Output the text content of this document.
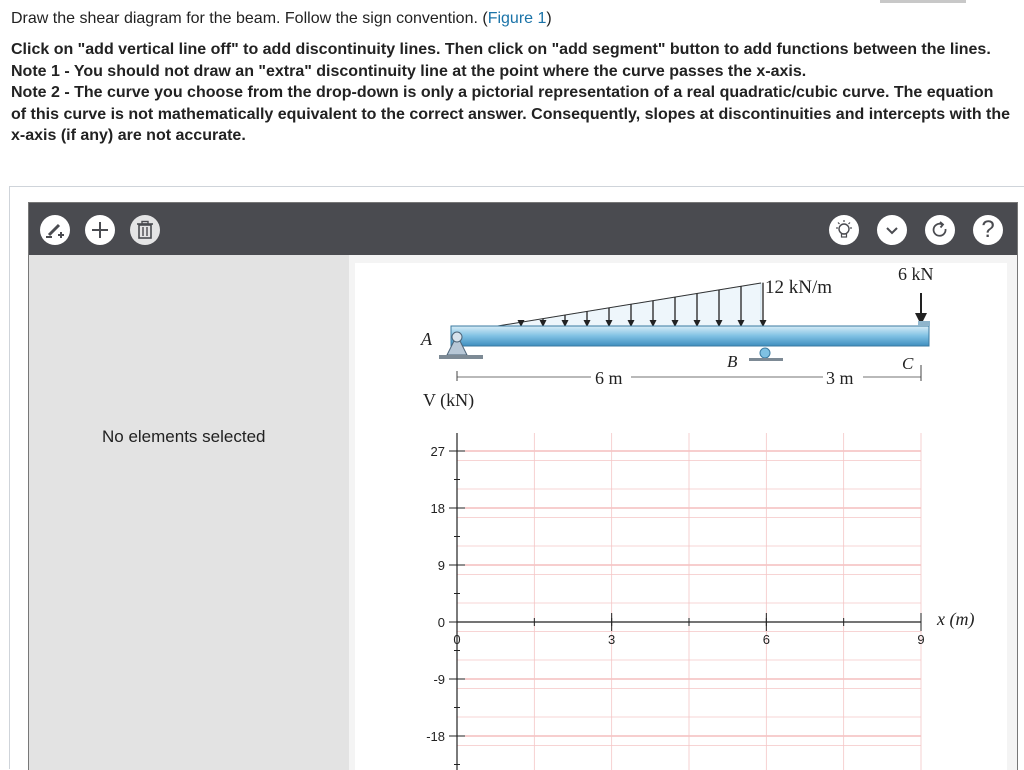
Draw the shear diagram for the beam. Follow the sign convention. (Figure 1)

Click on "add vertical line off" to add discontinuity lines. Then click on "add segment" button to add functions between the lines.

Note 1 - You should not draw an "extra" discontinuity line at the point where the curve passes the x-axis.

Note 2 - The curve you choose from the drop-down is only a pictorial representation of a real quadratic/cubic curve. The equation of this curve is not mathematically equivalent to the correct answer. Consequently, slopes at discontinuities and intercepts with the x-axis (if any) are not accurate.

?
No elements selected
12 kN/m
6 kN
A
B	C
6 m	3 m
V (kN)
x (m)
27
18
9
0
-9
-18
0	3	6	9
